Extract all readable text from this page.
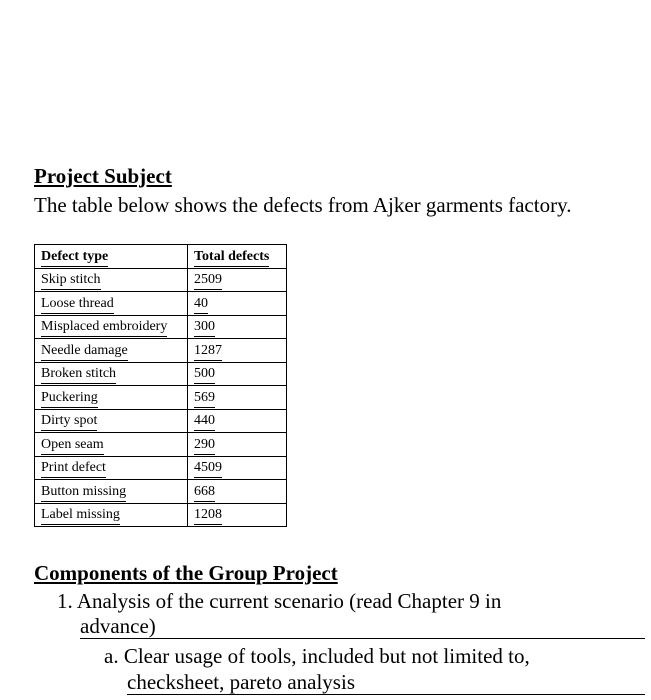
Project Subject
The table below shows the defects from Ajker garments factory.
Defect type	Total defects
Skip stitch	2509
Loose thread	40
Misplaced embroidery	300
Needle damage	1287
Broken stitch	500
Puckering	569
Dirty spot	440
Open seam	290
Print defect	4509
Button missing	668
Label missing	1208
Components of the Group Project
1. Analysis of the current scenario (read Chapter 9 in
advance)
a. Clear usage of tools, included but not limited to,
checksheet, pareto analysis
